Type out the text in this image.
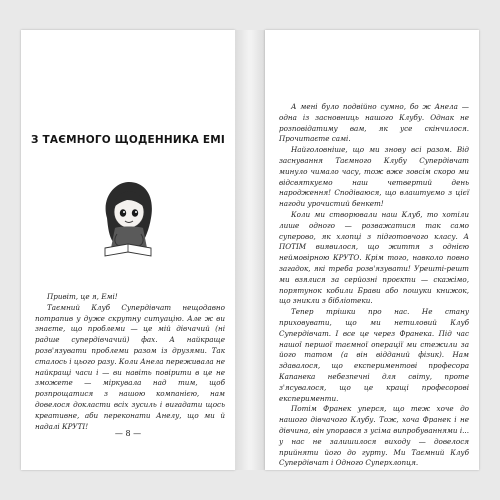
З ТАЄМНОГО ЩОДЕННИКА ЕМІ

Привіт, це я, Емі!

Таємний Клуб Супердівчат нещодавно потрапив у дуже скрутну ситуацію. Але ж ви знаєте, що проблеми — це мій дівчачий (ні радше супердівчачий) фах. А найкраще розв'язувати проблеми разом із друзями. Так сталось і цього разу. Коли Анела переживала не найкращі часи і — ви навіть повірити в це не зможете — міркувала над тим, щоб розпрощатися з нашою компанією, нам довелося докласти всіх зусиль і вигадати щось креативне, аби переконати Анелу, що ми й надалі КРУТІ!

— 8 —

А мені було подвійно сумно, бо ж Анела — одна із засновниць нашого Клубу. Однак не розповідатиму вам, як усе скінчилося. Прочитаєте самі.

Найголовніше, що ми знову всі разом. Від заснування Таємного Клубу Супердівчат минуло чимало часу, тож вже зовсім скоро ми відсвяткуємо наш четвертий день народження! Сподіваюся, що влаштуємо з цієї нагоди урочистий бенкет!

Коли ми створювали наш Клуб, то хотіли лише одного — розважатися так само суперово, як хлопці з підготовчого класу. А ПОТІМ виявилося, що життя з однією неймовірною КРУТО. Крім того, навколо повно загадок, які треба розв'язувати! Урешті-решт ми взялися за серйозні проєкти — скажімо, порятунок кобили Брави або пошуки книжок, що зникли з бібліотеки.

Тепер трішки про нас. Не стану приховувати, що ми нетиловий Клуб Супердівчат. І все це через Франека. Під час нашої першої таємної операції ми стежили за його татом (а він відданий фізик). Нам здавалося, що експериментові професора Капанека небезпечні для світу, проте з'ясувалося, що це кращі професорові експерименти.

Потім Франек уперся, що теж хоче до нашого дівчачого Клубу. Тож, хоча Франек і не дівчина, він упорався з усіма випробуваннями і... у нас не залишилося виходу — довелося прийняти його до гурту. Ми Таємний Клуб Супердівчат і Одного Суперхлопця.
